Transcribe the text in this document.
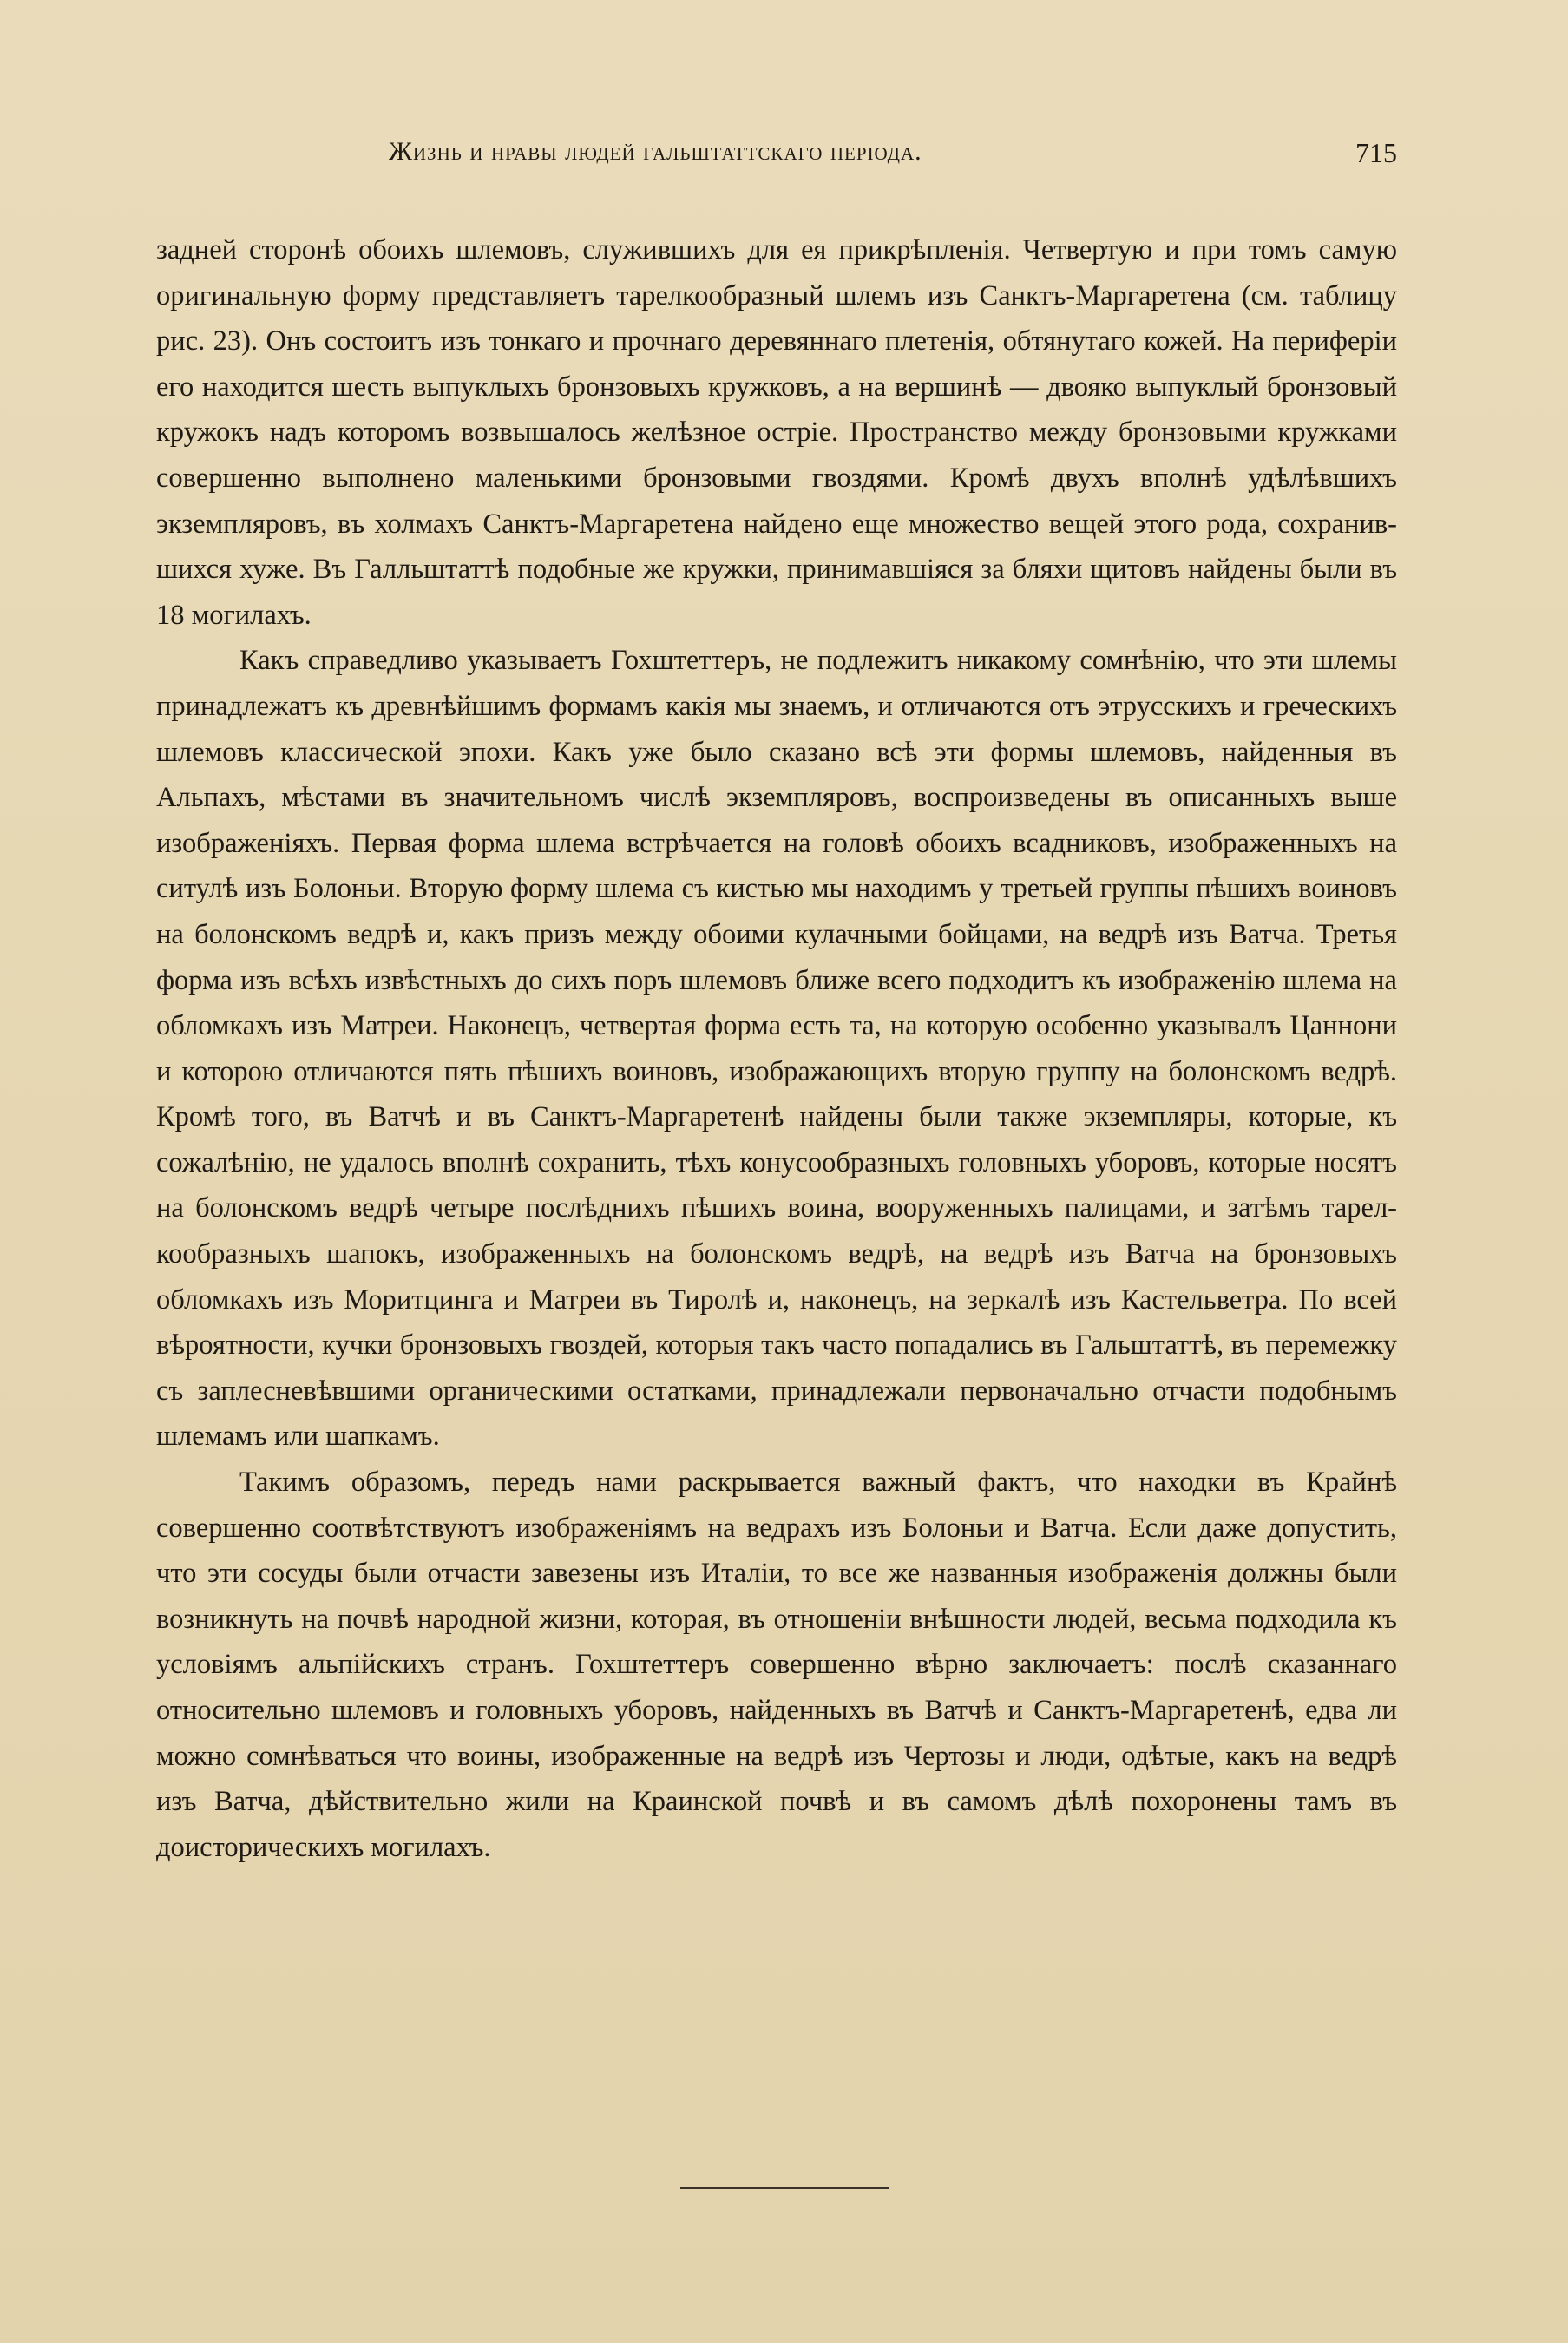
Жизнь и нравы людей гальштаттскаго періода.	715

задней сторонѣ обоихъ шлемовъ, служившихъ для ея прикрѣпленія. Четвертую и при томъ самую оригинальную форму представляетъ тарелкообразный шлемъ изъ Санктъ-Маргаретена (см. таблицу рис. 23). Онъ состоитъ изъ тонкаго и прочнаго деревяннаго плетенія, обтянутаго кожей. На периферіи его находится шесть выпуклыхъ бронзовыхъ кружковъ, а на вершинѣ — двояко выпуклый бронзовый кружокъ надъ которомъ возвышалось желѣзное остріе. Пространство между бронзовыми кружками совершенно выполнено маленькими бронзовыми гвоздями. Кромѣ двухъ вполнѣ удѣлѣвшихъ экземпляровъ, въ холмахъ Санктъ-Маргаретена найдено еще множество вещей этого рода, сохранившихся хуже. Въ Галльштаттѣ подобные же кружки, принимавшіяся за бляхи щитовъ найдены были въ 18 могилахъ.

Какъ справедливо указываетъ Гохштеттеръ, не подлежитъ никакому сомнѣнію, что эти шлемы принадлежатъ къ древнѣйшимъ формамъ какія мы знаемъ, и отличаются отъ этрусскихъ и греческихъ шлемовъ классической эпохи. Какъ уже было сказано всѣ эти формы шлемовъ, найденныя въ Альпахъ, мѣстами въ значительномъ числѣ экземпляровъ, воспроизведены въ описанныхъ выше изображеніяхъ. Первая форма шлема встрѣчается на головѣ обоихъ всадниковъ, изображенныхъ на ситулѣ изъ Болоньи. Вторую форму шлема съ кистью мы находимъ у третьей группы пѣшихъ воиновъ на болонскомъ ведрѣ и, какъ призъ между обоими кулачными бойцами, на ведрѣ изъ Ватча. Третья форма изъ всѣхъ извѣстныхъ до сихъ поръ шлемовъ ближе всего подходитъ къ изображенію шлема на обломкахъ изъ Матреи. Наконецъ, четвертая форма есть та, на которую особенно указывалъ Цаннони и которою отличаются пять пѣшихъ воиновъ, изображающихъ вторую группу на болонскомъ ведрѣ. Кромѣ того, въ Ватчѣ и въ Санктъ-Маргаретенѣ найдены были также экземпляры, которые, къ сожалѣнію, не удалось вполнѣ сохранить, тѣхъ конусообразныхъ головныхъ уборовъ, которые носятъ на болонскомъ ведрѣ четыре послѣднихъ пѣшихъ воина, вооруженныхъ палицами, и затѣмъ тарелкообразныхъ шапокъ, изображенныхъ на болонскомъ ведрѣ, на ведрѣ изъ Ватча на бронзовыхъ обломкахъ изъ Моритцинга и Матреи въ Тиролѣ и, наконецъ, на зеркалѣ изъ Кастельветра. По всей вѣроятности, кучки бронзовыхъ гвоздей, которыя такъ часто попадались въ Гальштаттѣ, въ перемежку съ заплесневѣвшими органическими остатками, принадлежали первоначально отчасти подобнымъ шлемамъ или шапкамъ.

Такимъ образомъ, передъ нами раскрывается важный фактъ, что находки въ Крайнѣ совершенно соотвѣтствуютъ изображеніямъ на ведрахъ изъ Болоньи и Ватча. Если даже допустить, что эти сосуды были отчасти завезены изъ Италіи, то все же названныя изображенія должны были возникнуть на почвѣ народной жизни, которая, въ отношеніи внѣшности людей, весьма подходила къ условіямъ альпійскихъ странъ. Гохштеттеръ совершенно вѣрно заключаетъ: послѣ сказаннаго относительно шлемовъ и головныхъ уборовъ, найденныхъ въ Ватчѣ и Санктъ-Маргаретенѣ, едва ли можно сомнѣваться что воины, изображенные на ведрѣ изъ Чертозы и люди, одѣтые, какъ на ведрѣ изъ Ватча, дѣйствительно жили на Краинской почвѣ и въ самомъ дѣлѣ похоронены тамъ въ доисторическихъ могилахъ.
